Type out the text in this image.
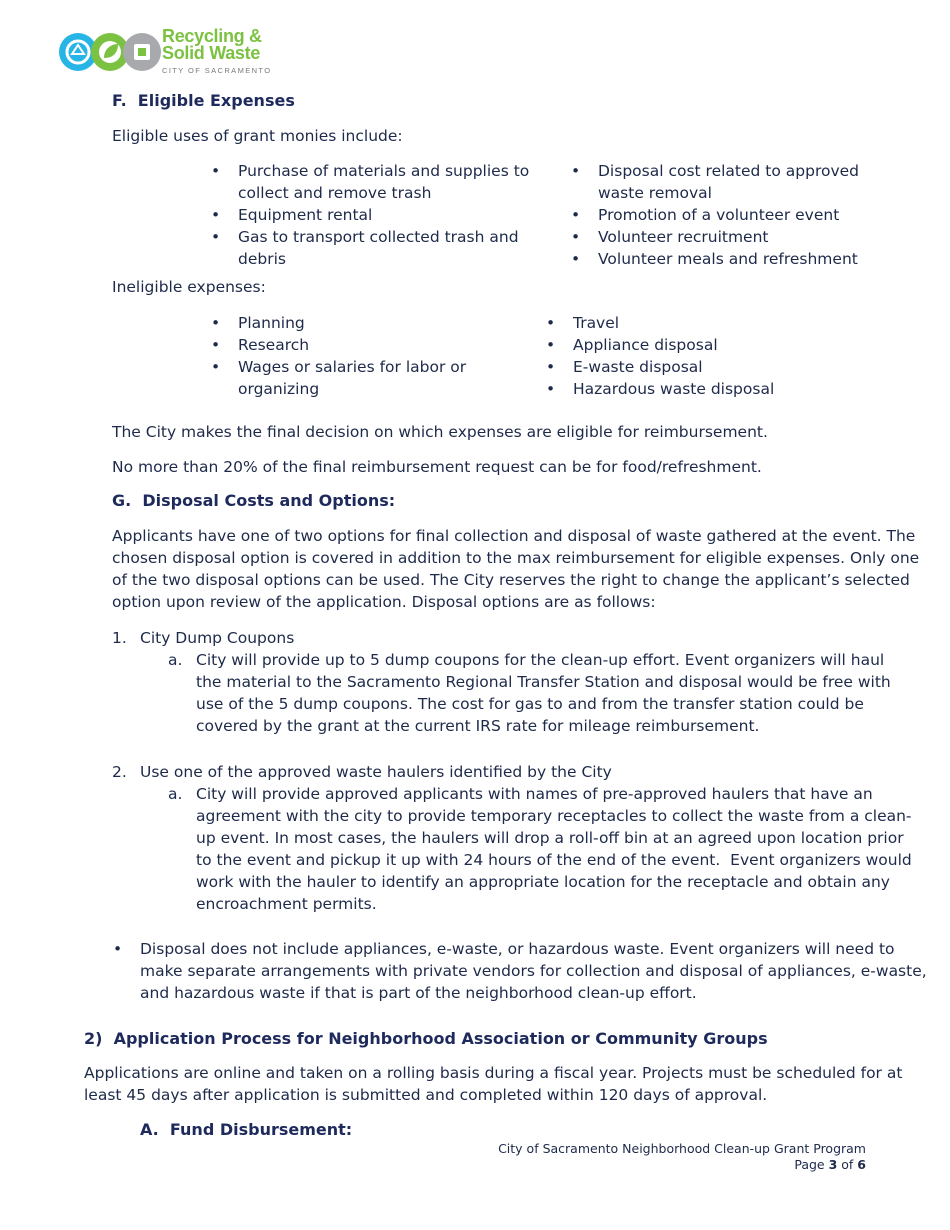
Recycling &
Solid Waste
CITY OF SACRAMENTO
F.  Eligible Expenses

Eligible uses of grant monies include:

• Purchase of materials and supplies to
collect and remove trash
• Equipment rental
• Gas to transport collected trash and
debris
• Disposal cost related to approved
waste removal
• Promotion of a volunteer event
• Volunteer recruitment
• Volunteer meals and refreshment

Ineligible expenses:

• Planning
• Research
• Wages or salaries for labor or
organizing
• Travel
• Appliance disposal
• E-waste disposal
• Hazardous waste disposal

The City makes the final decision on which expenses are eligible for reimbursement.

No more than 20% of the final reimbursement request can be for food/refreshment.

G.  Disposal Costs and Options:
Applicants have one of two options for final collection and disposal of waste gathered at the event. The
chosen disposal option is covered in addition to the max reimbursement for eligible expenses. Only one
of the two disposal options can be used. The City reserves the right to change the applicant’s selected
option upon review of the application. Disposal options are as follows:
1. City Dump Coupons
a. City will provide up to 5 dump coupons for the clean-up effort. Event organizers will haul
the material to the Sacramento Regional Transfer Station and disposal would be free with
use of the 5 dump coupons. The cost for gas to and from the transfer station could be
covered by the grant at the current IRS rate for mileage reimbursement.
2. Use one of the approved waste haulers identified by the City
a. City will provide approved applicants with names of pre-approved haulers that have an
agreement with the city to provide temporary receptacles to collect the waste from a clean-
up event. In most cases, the haulers will drop a roll-off bin at an agreed upon location prior
to the event and pickup it up with 24 hours of the end of the event.  Event organizers would
work with the hauler to identify an appropriate location for the receptacle and obtain any
encroachment permits.
• Disposal does not include appliances, e-waste, or hazardous waste. Event organizers will need to
make separate arrangements with private vendors for collection and disposal of appliances, e-waste,
and hazardous waste if that is part of the neighborhood clean-up effort.
2)  Application Process for Neighborhood Association or Community Groups
Applications are online and taken on a rolling basis during a fiscal year. Projects must be scheduled for at
least 45 days after application is submitted and completed within 120 days of approval.
A.  Fund Disbursement:
City of Sacramento Neighborhood Clean-up Grant Program
Page 3 of 6
